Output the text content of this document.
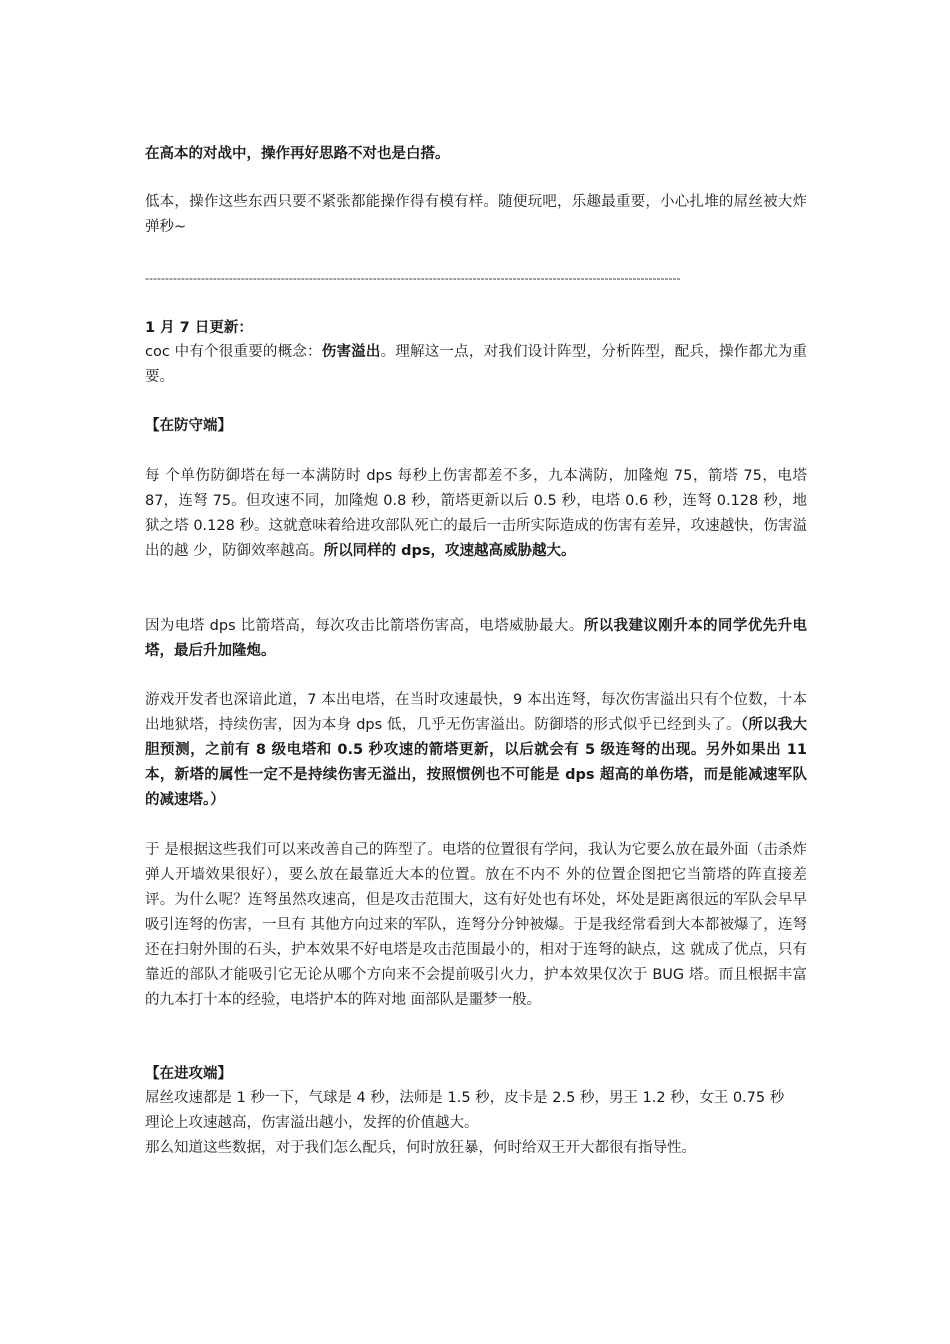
在高本的对战中，操作再好思路不对也是白搭。

低本，操作这些东西只要不紧张都能操作得有模有样。随便玩吧，乐趣最重要，小心扎堆的屌丝被大炸弹秒~

--------------------------------------------------------------------------------------------------------------------------------------

1 月 7 日更新：

coc 中有个很重要的概念：伤害溢出。理解这一点，对我们设计阵型，分析阵型，配兵，操作都尤为重要。

【在防守端】

每 个单伤防御塔在每一本满防时 dps 每秒上伤害都差不多，九本满防，加隆炮 75，箭塔 75，电塔 87，连弩 75。但攻速不同，加隆炮 0.8 秒，箭塔更新以后 0.5 秒，电塔 0.6 秒，连弩 0.128 秒，地狱之塔 0.128 秒。这就意味着给进攻部队死亡的最后一击所实际造成的伤害有差异，攻速越快，伤害溢出的越 少，防御效率越高。所以同样的 dps，攻速越高威胁越大。

因为电塔 dps 比箭塔高，每次攻击比箭塔伤害高，电塔威胁最大。所以我建议刚升本的同学优先升电塔，最后升加隆炮。

游戏开发者也深谙此道，7 本出电塔，在当时攻速最快，9 本出连弩，每次伤害溢出只有个位数，十本出地狱塔，持续伤害，因为本身 dps 低，几乎无伤害溢出。防御塔的形式似乎已经到头了。（所以我大胆预测，之前有 8 级电塔和 0.5 秒攻速的箭塔更新，以后就会有 5 级连弩的出现。另外如果出 11 本，新塔的属性一定不是持续伤害无溢出，按照惯例也不可能是 dps 超高的单伤塔，而是能减速军队的减速塔。）

于 是根据这些我们可以来改善自己的阵型了。电塔的位置很有学问，我认为它要么放在最外面（击杀炸弹人开墙效果很好），要么放在最靠近大本的位置。放在不内不 外的位置企图把它当箭塔的阵直接差评。为什么呢？连弩虽然攻速高，但是攻击范围大，这有好处也有坏处，坏处是距离很远的军队会早早吸引连弩的伤害，一旦有 其他方向过来的军队，连弩分分钟被爆。于是我经常看到大本都被爆了，连弩还在扫射外围的石头，护本效果不好电塔是攻击范围最小的，相对于连弩的缺点，这 就成了优点，只有靠近的部队才能吸引它无论从哪个方向来不会提前吸引火力，护本效果仅次于 BUG 塔。而且根据丰富的九本打十本的经验，电塔护本的阵对地 面部队是噩梦一般。

【在进攻端】

屌丝攻速都是 1 秒一下，气球是 4 秒，法师是 1.5 秒，皮卡是 2.5 秒，男王 1.2 秒，女王 0.75 秒

理论上攻速越高，伤害溢出越小，发挥的价值越大。

那么知道这些数据，对于我们怎么配兵，何时放狂暴，何时给双王开大都很有指导性。
